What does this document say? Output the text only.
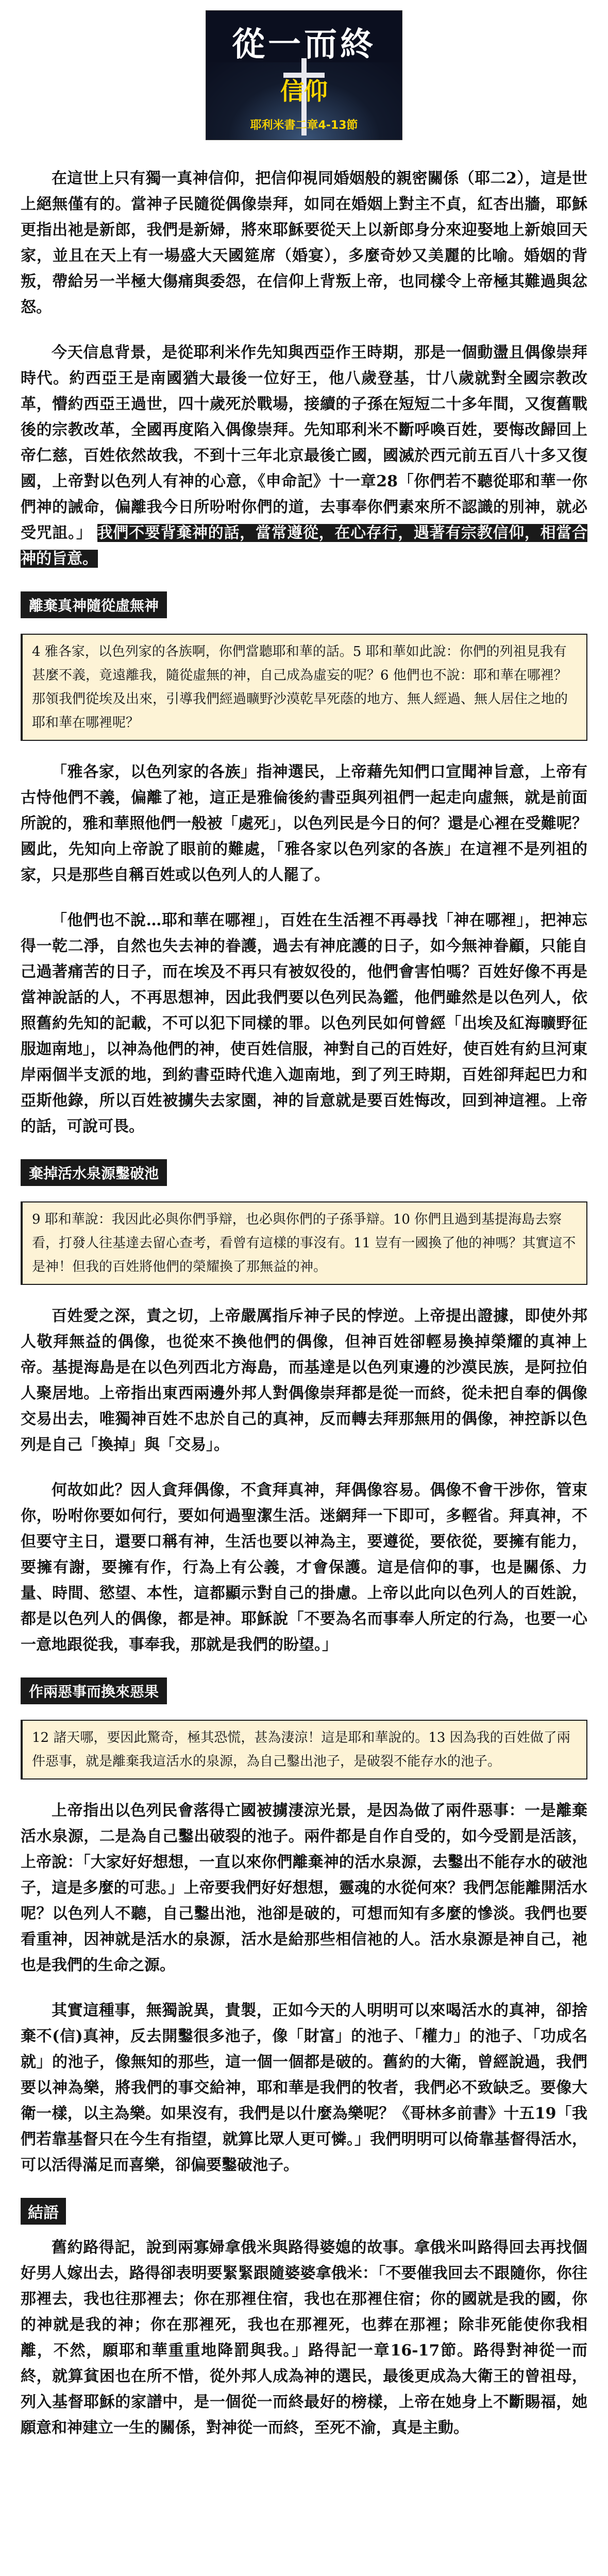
從一而終
信仰
耶利米書二章4-13節

在這世上只有獨一真神信仰，把信仰視同婚姻般的親密關係（耶二2），這是世上絕無僅有的。當神子民隨從偶像崇拜，如同在婚姻上對主不貞，紅杏出牆，耶穌更指出祂是新郎，我們是新婦，將來耶穌要從天上以新郎身分來迎娶地上新娘回天家，並且在天上有一場盛大天國筵席（婚宴），多麼奇妙又美麗的比喻。婚姻的背叛，帶給另一半極大傷痛與委怨，在信仰上背叛上帝，也同樣令上帝極其難過與忿怒。

今天信息背景，是從耶利米作先知與西亞作王時期，那是一個動盪且偶像崇拜時代。約西亞王是南國猶大最後一位好王，他八歲登基，廿八歲就對全國宗教改革，懵約西亞王過世，四十歲死於戰場，接續的子孫在短短二十多年間，又復舊戰後的宗教改革，全國再度陷入偶像崇拜。先知耶利米不斷呼喚百姓，要悔改歸回上帝仁慈，百姓依然故我，不到十三年北京最後亡國，國滅於西元前五百八十多又復國，上帝對以色列人有神的心意，《申命記》十一章28「你們若不聽從耶和華一你們神的誡命，偏離我今日所吩咐你們的道，去事奉你們素來所不認識的別神，就必受咒詛。」 我們不要背棄神的話，當常遵從，在心存行，遇著有宗教信仰，相當合神的旨意。

離棄真神隨從虛無神
4 雅各家，以色列家的各族啊，你們當聽耶和華的話。5 耶和華如此說：你們的列祖見我有甚麼不義，竟遠離我，隨從虛無的神，自己成為虛妄的呢？6 他們也不說：耶和華在哪裡？那領我們從埃及出來，引導我們經過曠野沙漠乾旱死蔭的地方、無人經過、無人居住之地的耶和華在哪裡呢？

「雅各家，以色列家的各族」指神選民，上帝藉先知們口宣聞神旨意，上帝有古恃他們不義，偏離了祂，這正是雅倫後約書亞與列祖們一起走向虛無，就是前面所說的，雅和華照他們一般被「處死」，以色列民是今日的何？還是心裡在受難呢？國此，先知向上帝說了眼前的難處，「雅各家以色列家的各族」在這裡不是列祖的家，只是那些自稱百姓或以色列人的人罷了。

「他們也不說…耶和華在哪裡」，百姓在生活裡不再尋找「神在哪裡」，把神忘得一乾二淨，自然也失去神的眷護，過去有神庇護的日子，如今無神眷顧，只能自己過著痛苦的日子，而在埃及不再只有被奴役的，他們會害怕嗎？百姓好像不再是當神說話的人，不再思想神，因此我們要以色列民為鑑，他們雖然是以色列人，依照舊約先知的記載，不可以犯下同樣的罪。以色列民如何曾經「出埃及紅海曠野征服迦南地」，以神為他們的神，使百姓信服，神對自己的百姓好，使百姓有約旦河東岸兩個半支派的地，到約書亞時代進入迦南地，到了列王時期，百姓卻拜起巴力和亞斯他錄，所以百姓被擄失去家園，神的旨意就是要百姓悔改，回到神這裡。上帝的話，可說可畏。

棄掉活水泉源鑿破池
9 耶和華說：我因此必與你們爭辯，也必與你們的子孫爭辯。10 你們且過到基提海島去察看，打發人往基達去留心查考，看曾有這樣的事沒有。11 豈有一國換了他的神嗎？其實這不是神！但我的百姓將他們的榮耀換了那無益的神。

百姓愛之深，責之切，上帝嚴厲指斥神子民的悖逆。上帝提出證據，即使外邦人敬拜無益的偶像，也從來不換他們的偶像，但神百姓卻輕易換掉榮耀的真神上帝。基提海島是在以色列西北方海島，而基達是以色列東邊的沙漠民族，是阿拉伯人聚居地。上帝指出東西兩邊外邦人對偶像崇拜都是從一而終，從未把自奉的偶像交易出去，唯獨神百姓不忠於自己的真神，反而轉去拜那無用的偶像，神控訴以色列是自己「換掉」與「交易」。

何故如此？因人貪拜偶像，不貪拜真神，拜偶像容易。偶像不會干涉你，管束你，吩咐你要如何行，要如何過聖潔生活。迷網拜一下即可，多輕省。拜真神，不但要守主日，還要口稱有神，生活也要以神為主，要遵從，要依從，要擁有能力，要擁有謝，要擁有作，行為上有公義，才會保護。這是信仰的事，也是關係、力量、時間、慾望、本性，這都顯示對自己的掛慮。上帝以此向以色列人的百姓說，都是以色列人的偶像，都是神。耶穌說「不要為名而事奉人所定的行為，也要一心一意地跟從我，事奉我，那就是我們的盼望。」

作兩惡事而換來惡果
12 諸天哪，要因此驚奇，極其恐慌，甚為淒涼！這是耶和華說的。13 因為我的百姓做了兩件惡事，就是離棄我這活水的泉源，為自己鑿出池子，是破裂不能存水的池子。

上帝指出以色列民會落得亡國被擄淒涼光景，是因為做了兩件惡事：一是離棄活水泉源，二是為自己鑿出破裂的池子。兩件都是自作自受的，如今受罰是活該，上帝說：「大家好好想想，一直以來你們離棄神的活水泉源，去鑿出不能存水的破池子，這是多麼的可悲。」上帝要我們好好想想，靈魂的水從何來？我們怎能離開活水呢？以色列人不聽，自己鑿出池，池卻是破的，可想而知有多麼的慘淡。我們也要看重神，因神就是活水的泉源，活水是給那些相信祂的人。活水泉源是神自己，祂也是我們的生命之源。

其實這種事，無獨說異，貴製，正如今天的人明明可以來喝活水的真神，卻捨棄不(信)真神，反去開鑿很多池子，像「財富」的池子、「權力」的池子、「功成名就」的池子，像無知的那些，這一個一個都是破的。舊約的大衛，曾經說過，我們要以神為樂，將我們的事交給神，耶和華是我們的牧者，我們必不致缺乏。要像大衛一樣，以主為樂。如果沒有，我們是以什麼為樂呢？《哥林多前書》十五19「我們若靠基督只在今生有指望，就算比眾人更可憐。」我們明明可以倚靠基督得活水，可以活得滿足而喜樂，卻偏要鑿破池子。

結語

舊約路得記，說到兩寡婦拿俄米與路得婆媳的故事。拿俄米叫路得回去再找個好男人嫁出去，路得卻表明要緊緊跟隨婆婆拿俄米：「不要催我回去不跟隨你，你往那裡去，我也往那裡去；你在那裡住宿，我也在那裡住宿；你的國就是我的國，你的神就是我的神；你在那裡死，我也在那裡死，也葬在那裡；除非死能使你我相離，不然，願耶和華重重地降罰與我。」路得記一章16-17節。路得對神從一而終，就算貧困也在所不惜，從外邦人成為神的選民，最後更成為大衛王的曾祖母，列入基督耶穌的家譜中，是一個從一而終最好的榜樣，上帝在她身上不斷賜福，她願意和神建立一生的關係，對神從一而終，至死不渝，真是主動。
